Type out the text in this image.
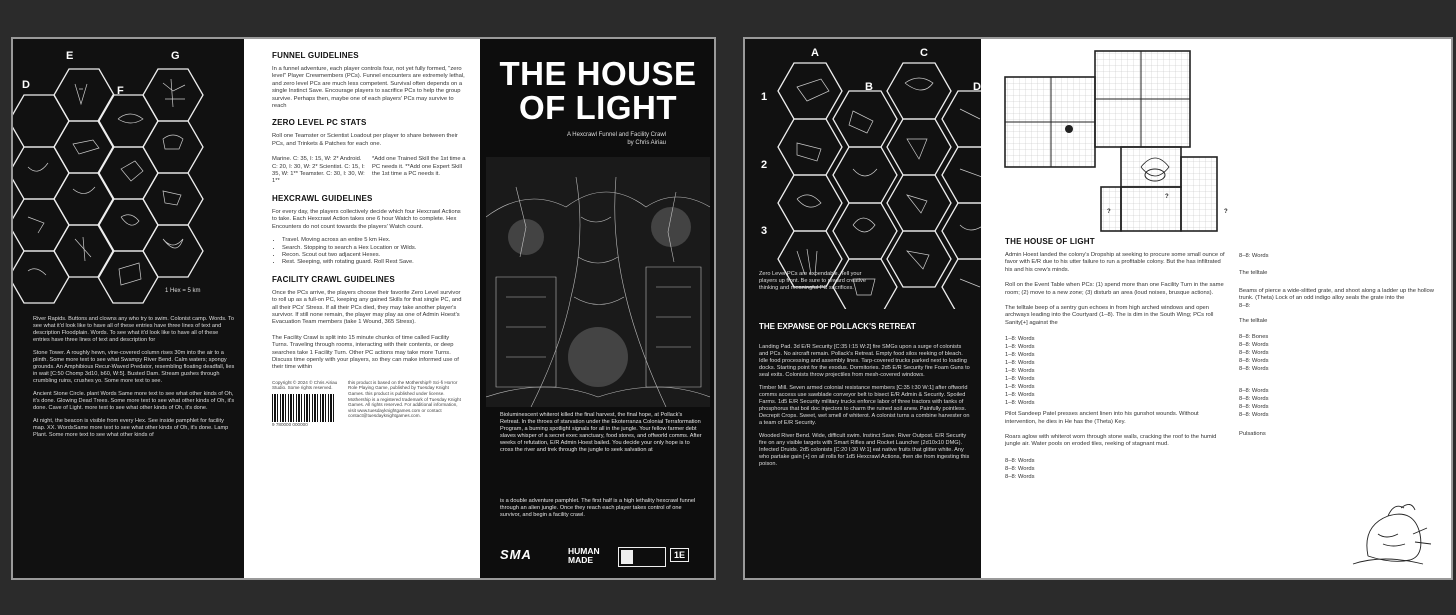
D
E
F
G
1 Hex = 5 km

River Rapids. Buttons and clowns any who try to swim. Colonist camp. Words. To see what it'd look like to have all of these entries have three lines of text and description Floodplain. Words. To see what it'd look like to have all of these entries have three lines of text and description for

Stone Tower. A roughly hewn, vine-covered column rises 30m into the air to a plinth. Some more text to see what Swampy River Bend. Calm waters; spongy grounds. An Amphibious Recur-Waved Predator, resembling floating deadfall, lies in wait [C:50 Chomp 3d10, b60, W:5]. Busted Dam. Stream gushes through crumbling ruins, crushes yo. Some more text to see.

Ancient Stone Circle. plant Words Same more text to see what other kinds of Oh, it's done. Glowing Dead Trees. Some more text to see what other kinds of Oh, it's done. Cave of Light. more text to see what other kinds of Oh, it's done.

At night, the beacon is visible from every Hex. See inside pamphlet for facility map. XX. WordsSame more text to see what other kinds of Oh, it's done. Lamp Plant. Some more text to see what other kinds of

FUNNEL GUIDELINES
In a funnel adventure, each player controls four, not yet fully formed, "zero level" Player Crewmembers (PCs). Funnel encounters are extremely lethal, and zero level PCs are much less competent. Survival often depends on a single Instinct Save. Encourage players to sacrifice PCs to help the group survive. Perhaps then, maybe one of each players' PCs may survive to reach
ZERO LEVEL PC STATS
Roll one Teamster or Scientist Loadout per player to share between their PCs, and Trinkets & Patches for each one.
Marine. C: 35, I: 15, W: 2* Android. C: 20, I: 30, W: 2* Scientist. C: 15, I: 35, W: 1** Teamster. C: 30, I: 30, W: 1**
*Add one Trained Skill the 1st time a PC needs it. **Add one Expert Skill the 1st time a PC needs it.
HEXCRAWL GUIDELINES
For every day, the players collectively decide which four Hexcrawl Actions to take. Each Hexcrawl Action takes one 6 hour Watch to complete. Hex Encounters do not count towards the players' Watch count.
• Travel. Moving across an entire 5 km Hex.
• Search. Stopping to search a Hex Location or Wilds.
• Recon. Scout out two adjacent Hexes.
• Rest. Sleeping, with rotating guard. Roll Rest Save.
FACILITY CRAWL GUIDELINES
Once the PCs arrive, the players choose their favorite Zero Level survivor to roll up as a full-on PC, keeping any gained Skills for that single PC, and all their PCs' Stress. If all their PCs died, they may take another player's survivor. If still none remain, the player may play as one of Admin Hoest's Evacuation Team members (take 1 Wound, 365 Stress).
The Facility Crawl is split into 15 minute chunks of time called Facility Turns. Traveling through rooms, interacting with their contents, or deep searches take 1 Facility Turn. Other PC actions may take more Turns. Discuss time openly with your players, so they can make informed use of their time within
Copyright © 2024 © Chris Airiau Studio. Some rights reserved.
9 780000 000000
this product is based on the Mothership® Sci-fi Horror Role Playing Game, published by Tuesday Knight Games. this product is published under license. Mothership is a registered trademark of Tuesday Knight Games. All rights reserved. For additional information, visit www.tuesdayknightgames.com or contact contact@tuesdayknightgames.com.
THE HOUSE
OF LIGHT
A Hexcrawl Funnel and Facility Crawl
by Chris Airiau
Bioluminescent whiterot killed the final harvest, the final hope, at Pollack's Retreat. In the throes of starvation under the Ekoterranza Colonial Terraformation Program, a burning spotlight signals for all in the jungle. Your fellow farmer debt slaves whisper of a secret exec sanctuary, food stores, and offworld comms. After weeks of refutation, E/R Admin Hoest bailed. You decide your only hope is to cross the river and trek through the jungle to seek salvation at
is a double adventure pamphlet. The first half is a high lethality hexcrawl funnel through an alien jungle. Once they reach each player takes control of one survivor, and begin a facility crawl.
SMA	HUMAN
MADE	1E
A
B
C
D
1
2
3
Zero Level PCs are expendable. Tell your players up front. Be sure to reward creative thinking and meaningful PC sacrifices.
THE EXPANSE OF POLLACK'S RETREAT

Landing Pad. 3d E/R Security [C:35 I:15 W:2] fire SMGs upon a surge of colonists and PCs. No aircraft remain. Pollack's Retreat. Empty food silos reeking of bleach. Idle food processing and assembly lines. Tarp-covered trucks parked next to loading docks. Starting point for the exodus. Dormitories. 2d5 E/R Security fire Foam Guns to seal exits. Colonists throw projectiles from mesh-covered windows.

Timber Mill. Seven armed colonial resistance members [C:35 I:30 W:1] after offworld comms access use sawblade conveyor belt to bisect E/R Admin & Security. Spoiled Farms. 1d5 E/R Security military trucks enforce labor of three tractors with tanks of phosphorus that boil doc injectors to charm the ruined soil anew. Painfully pointless. Decrepit Crops. Sweet, wet smell of whiterot. A colonist turns a combine harvester on a team of E/R Security.

Wooded River Bend. Wide, difficult swim. Instinct Save. River Outpost. E/R Security fire on any visible targets with Smart Rifles and Rocket Launcher (2d10x10 DMG). Infected Druids. 2d5 colonists [C:20 I:30 W:1] eat native fruits that glitter white. Any who partake gain [+] on all rolls for 1d5 Hexcrawl Actions, then die from ingesting this poison.

?
?
?
THE HOUSE OF LIGHT
Admin Hoest landed the colony's Dropship at seeking to procure some small ounce of favor with E/R due to his utter failure to run a profitable colony. But the has infiltrated his and his crew's minds.
Roll on the Event Table when PCs: (1) spend more than one Facility Turn in the same room; (2) move to a new zone; (3) disturb an area (loud noises, brusque actions).
The telltale beep of a sentry gun echoes in from high arched windows and open archways leading into the Courtyard (1–8). The is dim in the South Wing; PCs roll Sanity[+] against the
1–8: Words
1–8: Words
1–8: Words
1–8: Words
1–8: Words
1–8: Words
1–8: Words
1–8: Words
1–8: Words
Pilot Sandeep Patel presses ancient linen into his gunshot wounds. Without intervention, he dies in He has the (Theta) Key.
Roars aglow with whiterot worn through stone walls, cracking the roof to the humid jungle air. Water pools on eroded tiles, reeking of stagnant mud.
8–8: Words
8–8: Words
8–8: Words
8–8: Words
The telltale
Beams of pierce a wide-slitted grate, and shoot along a ladder up the hollow trunk. (Theta) Lock of an odd indigo alloy seals the grate into the
8–8:
The telltale
8–8: Bones
8–8: Words
8–8: Words
8–8: Words
8–8: Words
8–8: Words
8–8: Words
8–8: Words
8–8: Words
Pulsations
